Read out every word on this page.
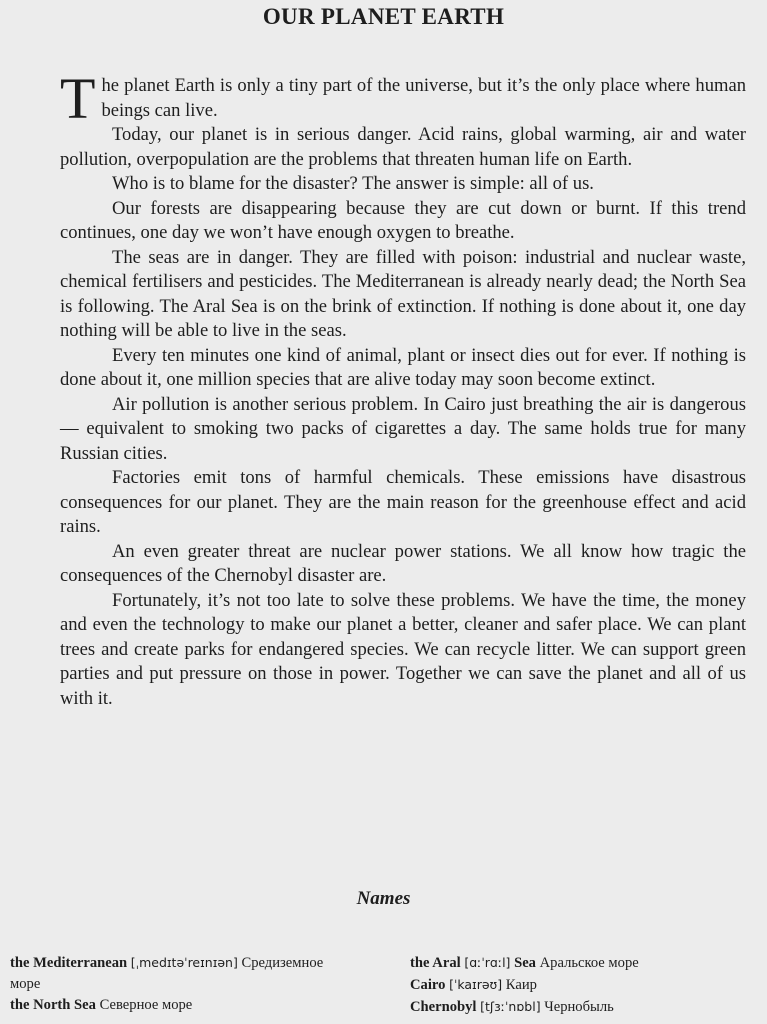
OUR PLANET EARTH

The planet Earth is only a tiny part of the universe, but it’s the only place where human beings can live.

Today, our planet is in serious danger. Acid rains, global warming, air and water pollution, overpopulation are the problems that threaten human life on Earth.

Who is to blame for the disaster? The answer is simple: all of us.

Our forests are disappearing because they are cut down or burnt. If this trend continues, one day we won’t have enough oxygen to breathe.

The seas are in danger. They are filled with poison: industrial and nuclear waste, chemical fertilisers and pesticides. The Mediterranean is already nearly dead; the North Sea is following. The Aral Sea is on the brink of extinction. If nothing is done about it, one day nothing will be able to live in the seas.

Every ten minutes one kind of animal, plant or insect dies out for ever. If nothing is done about it, one million species that are alive today may soon become extinct.

Air pollution is another serious problem. In Cairo just breathing the air is dangerous — equivalent to smoking two packs of cigarettes a day. The same holds true for many Russian cities.

Factories emit tons of harmful chemicals. These emissions have disastrous consequences for our planet. They are the main reason for the greenhouse effect and acid rains.

An even greater threat are nuclear power stations. We all know how tragic the consequences of the Chernobyl disaster are.

Fortunately, it’s not too late to solve these problems. We have the time, the money and even the technology to make our planet a better, cleaner and safer place. We can plant trees and create parks for endangered species. We can recycle litter. We can support green parties and put pressure on those in power. Together we can save the planet and all of us with it.

Names
the Mediterranean [ˌmedɪtəˈreɪnɪən] Средиземное
море
the North Sea Северное море
the Aral [ɑːˈrɑːl] Sea Аральское море
Cairo [ˈkaɪrəʊ] Каир
Chernobyl [tʃɜːˈnɒbl] Чернобыль
